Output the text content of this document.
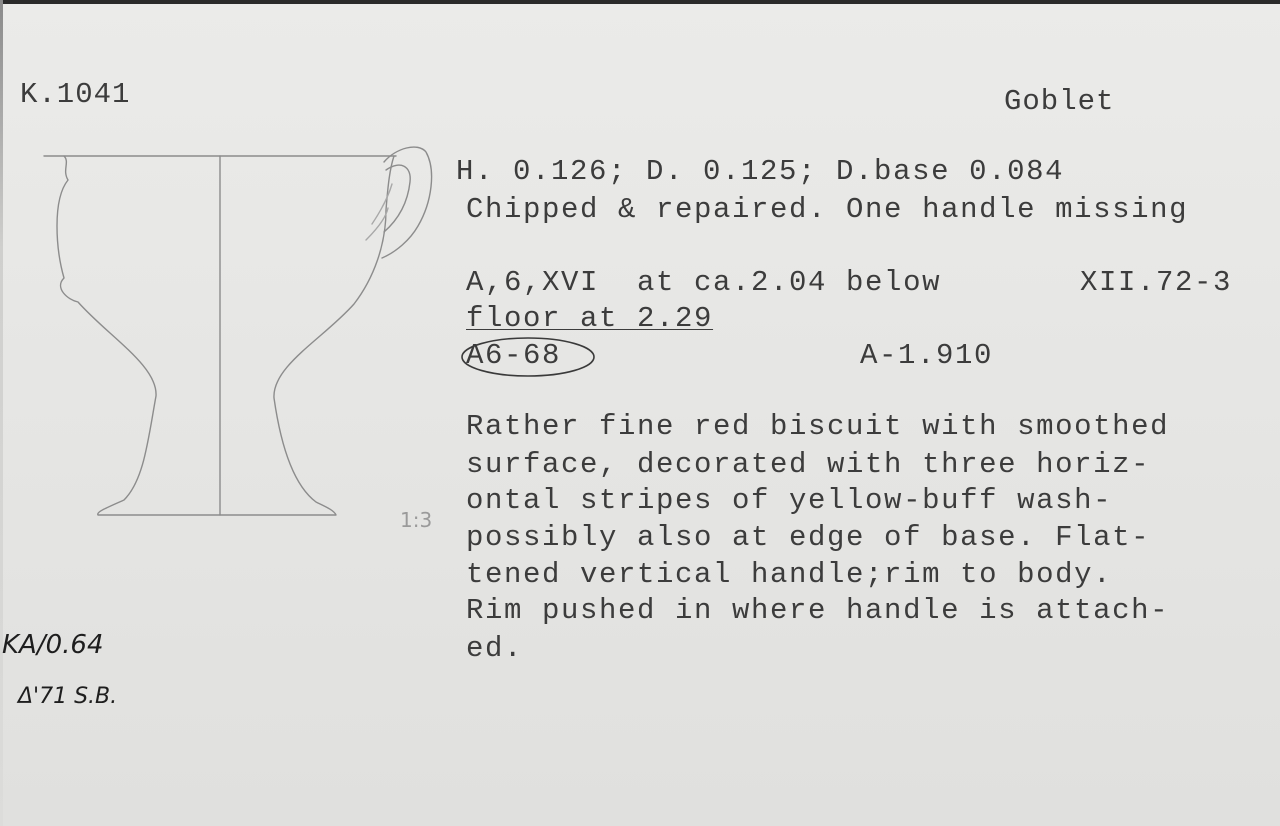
K.1041	Goblet

1:3

H. 0.126; D. 0.125; D.base 0.084

Chipped & repaired. One handle missing

A,6,XVI  at ca.2.04 below	XII.72-3

floor at 2.29

A6-68	A-1.910

Rather fine red biscuit with smoothed

surface, decorated with three horiz-

ontal stripes of yellow-buff wash-

possibly also at edge of base. Flat-

tened vertical handle;rim to body.

Rim pushed in where handle is attach-

ed.

KA/0.64

Δ'71 S.B.
